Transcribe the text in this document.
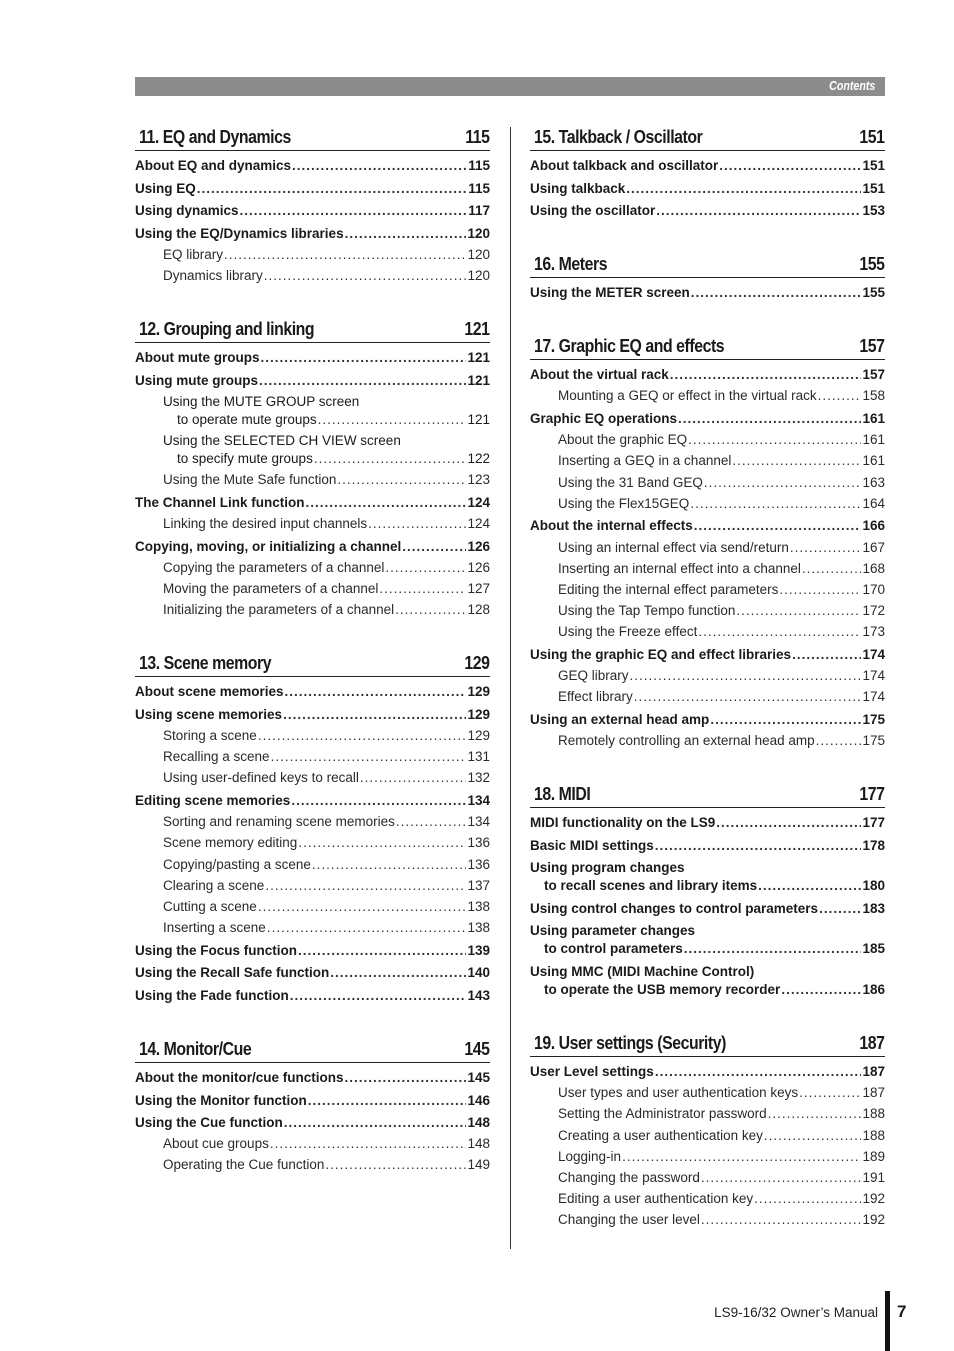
Contents
11. EQ and Dynamics	115
About EQ and dynamics .....	115
Using EQ .....	115
Using dynamics .....	117
Using the EQ/Dynamics libraries .....	120
EQ library .....	120
Dynamics library .....	120
12. Grouping and linking	121
About mute groups .....	121
Using mute groups .....	121
Using the MUTE GROUP screen
to operate mute groups .....	121
Using the SELECTED CH VIEW screen
to specify mute groups .....	122
Using the Mute Safe function .....	123
The Channel Link function .....	124
Linking the desired input channels .....	124
Copying, moving, or initializing a channel .....	126
Copying the parameters of a channel .....	126
Moving the parameters of a channel .....	127
Initializing the parameters of a channel .....	128
13. Scene memory	129
About scene memories .....	129
Using scene memories .....	129
Storing a scene .....	129
Recalling a scene .....	131
Using user-defined keys to recall .....	132
Editing scene memories .....	134
Sorting and renaming scene memories .....	134
Scene memory editing .....	136
Copying/pasting a scene .....	136
Clearing a scene .....	137
Cutting a scene .....	138
Inserting a scene .....	138
Using the Focus function .....	139
Using the Recall Safe function .....	140
Using the Fade function .....	143
14. Monitor/Cue	145
About the monitor/cue functions .....	145
Using the Monitor function .....	146
Using the Cue function .....	148
About cue groups .....	148
Operating the Cue function .....	149
15. Talkback / Oscillator	151
About talkback and oscillator .....	151
Using talkback .....	151
Using the oscillator .....	153
16. Meters	155
Using the METER screen .....	155
17. Graphic EQ and effects	157
About the virtual rack .....	157
Mounting a GEQ or effect in the virtual rack .....	158
Graphic EQ operations .....	161
About the graphic EQ .....	161
Inserting a GEQ in a channel .....	161
Using the 31 Band GEQ .....	163
Using the Flex15GEQ .....	164
About the internal effects .....	166
Using an internal effect via send/return .....	167
Inserting an internal effect into a channel .....	168
Editing the internal effect parameters .....	170
Using the Tap Tempo function .....	172
Using the Freeze effect .....	173
Using the graphic EQ and effect libraries .....	174
GEQ library .....	174
Effect library .....	174
Using an external head amp .....	175
Remotely controlling an external head amp .....	175
18. MIDI	177
MIDI functionality on the LS9 .....	177
Basic MIDI settings .....	178
Using program changes
to recall scenes and library items .....	180
Using control changes to control parameters .....	183
Using parameter changes
to control parameters .....	185
Using MMC (MIDI Machine Control)
to operate the USB memory recorder .....	186
19. User settings (Security)	187
User Level settings .....	187
User types and user authentication keys .....	187
Setting the Administrator password .....	188
Creating a user authentication key .....	188
Logging-in .....	189
Changing the password .....	191
Editing a user authentication key .....	192
Changing the user level .....	192
LS9-16/32 Owner’s Manual 7
